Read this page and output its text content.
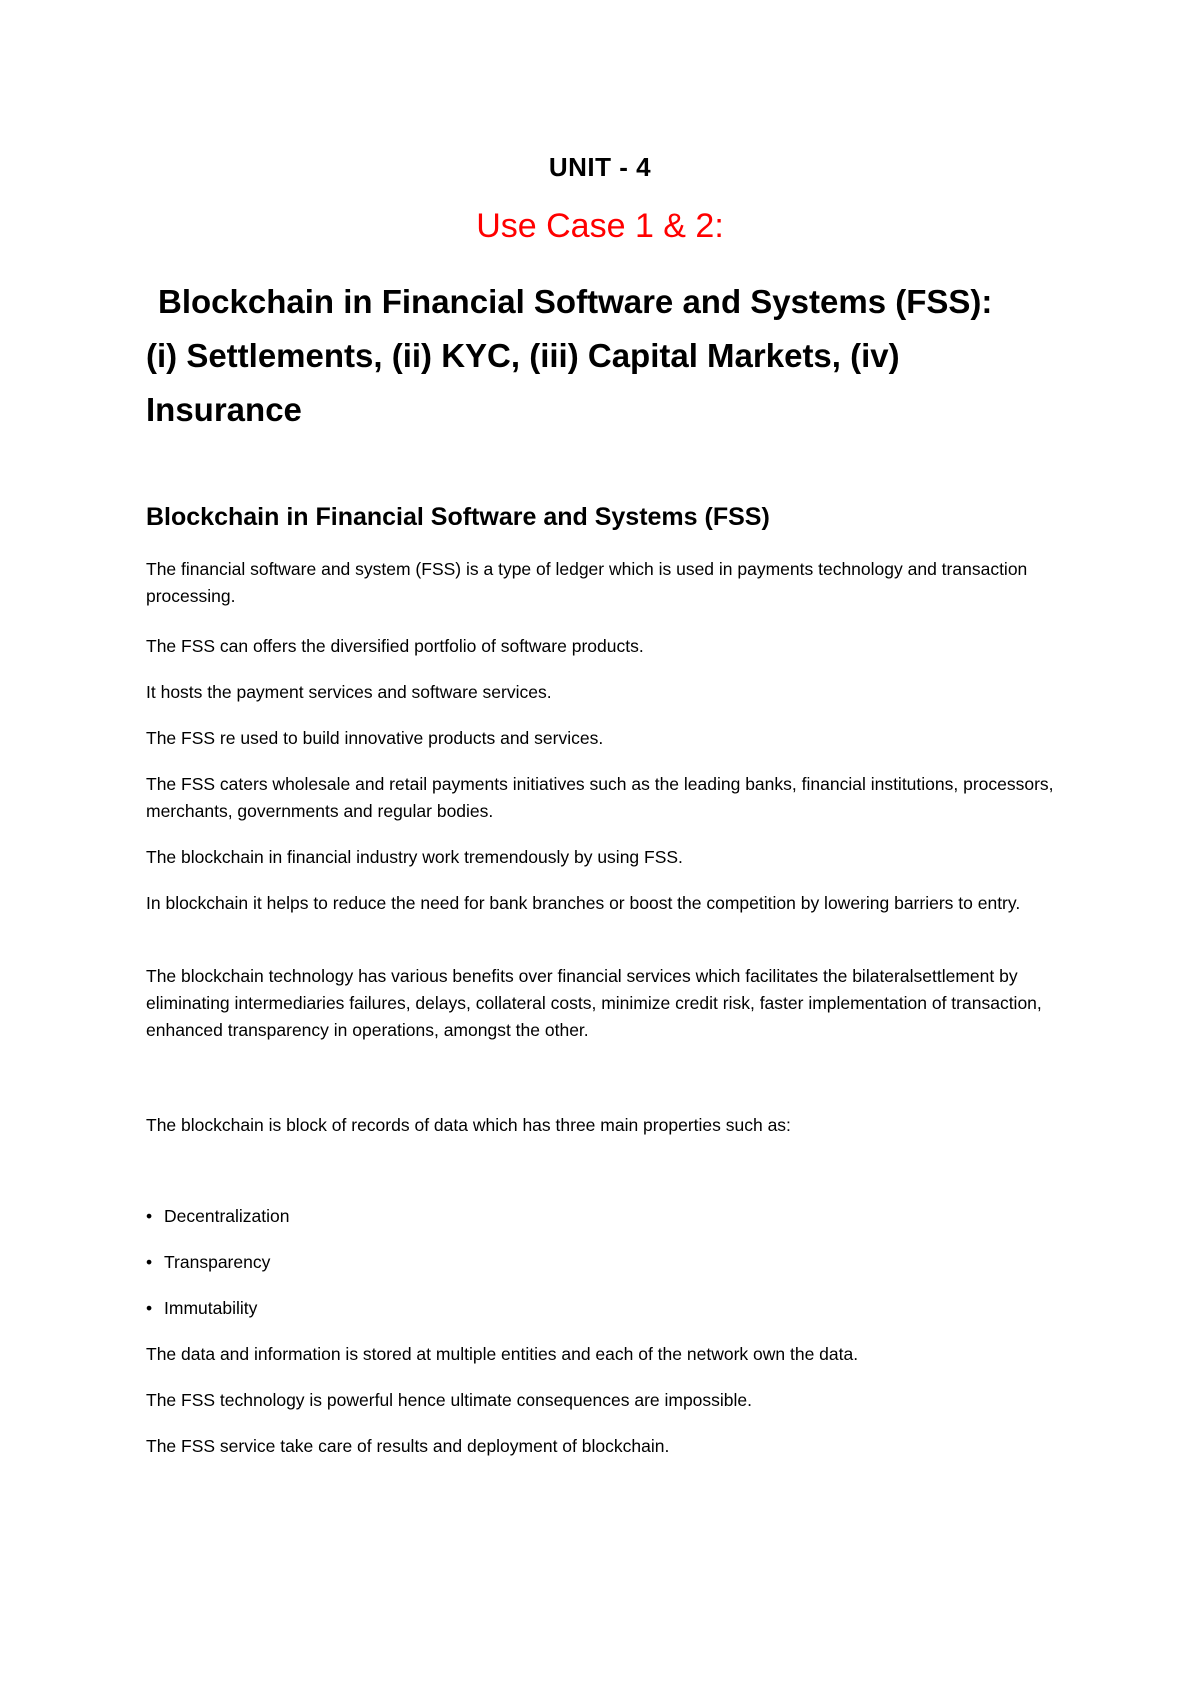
UNIT - 4
Use Case 1 & 2:
Blockchain in Financial Software and Systems (FSS):
(i) Settlements, (ii) KYC, (iii) Capital Markets, (iv)
Insurance
Blockchain in Financial Software and Systems (FSS)

The financial software and system (FSS) is a type of ledger which is used in payments technology and transaction processing.

The FSS can offers the diversified portfolio of software products.

It hosts the payment services and software services.

The FSS re used to build innovative products and services.

The FSS caters wholesale and retail payments initiatives such as the leading banks, financial institutions, processors, merchants, governments and regular bodies.

The blockchain in financial industry work tremendously by using FSS.

In blockchain it helps to reduce the need for bank branches or boost the competition by lowering barriers to entry.

The blockchain technology has various benefits over financial services which facilitates the bilateralsettlement by eliminating intermediaries failures, delays, collateral costs, minimize credit risk, faster implementation of transaction, enhanced transparency in operations, amongst the other.

The blockchain is block of records of data which has three main properties such as:

• Decentralization

• Transparency

• Immutability

The data and information is stored at multiple entities and each of the network own the data.

The FSS technology is powerful hence ultimate consequences are impossible.

The FSS service take care of results and deployment of blockchain.
